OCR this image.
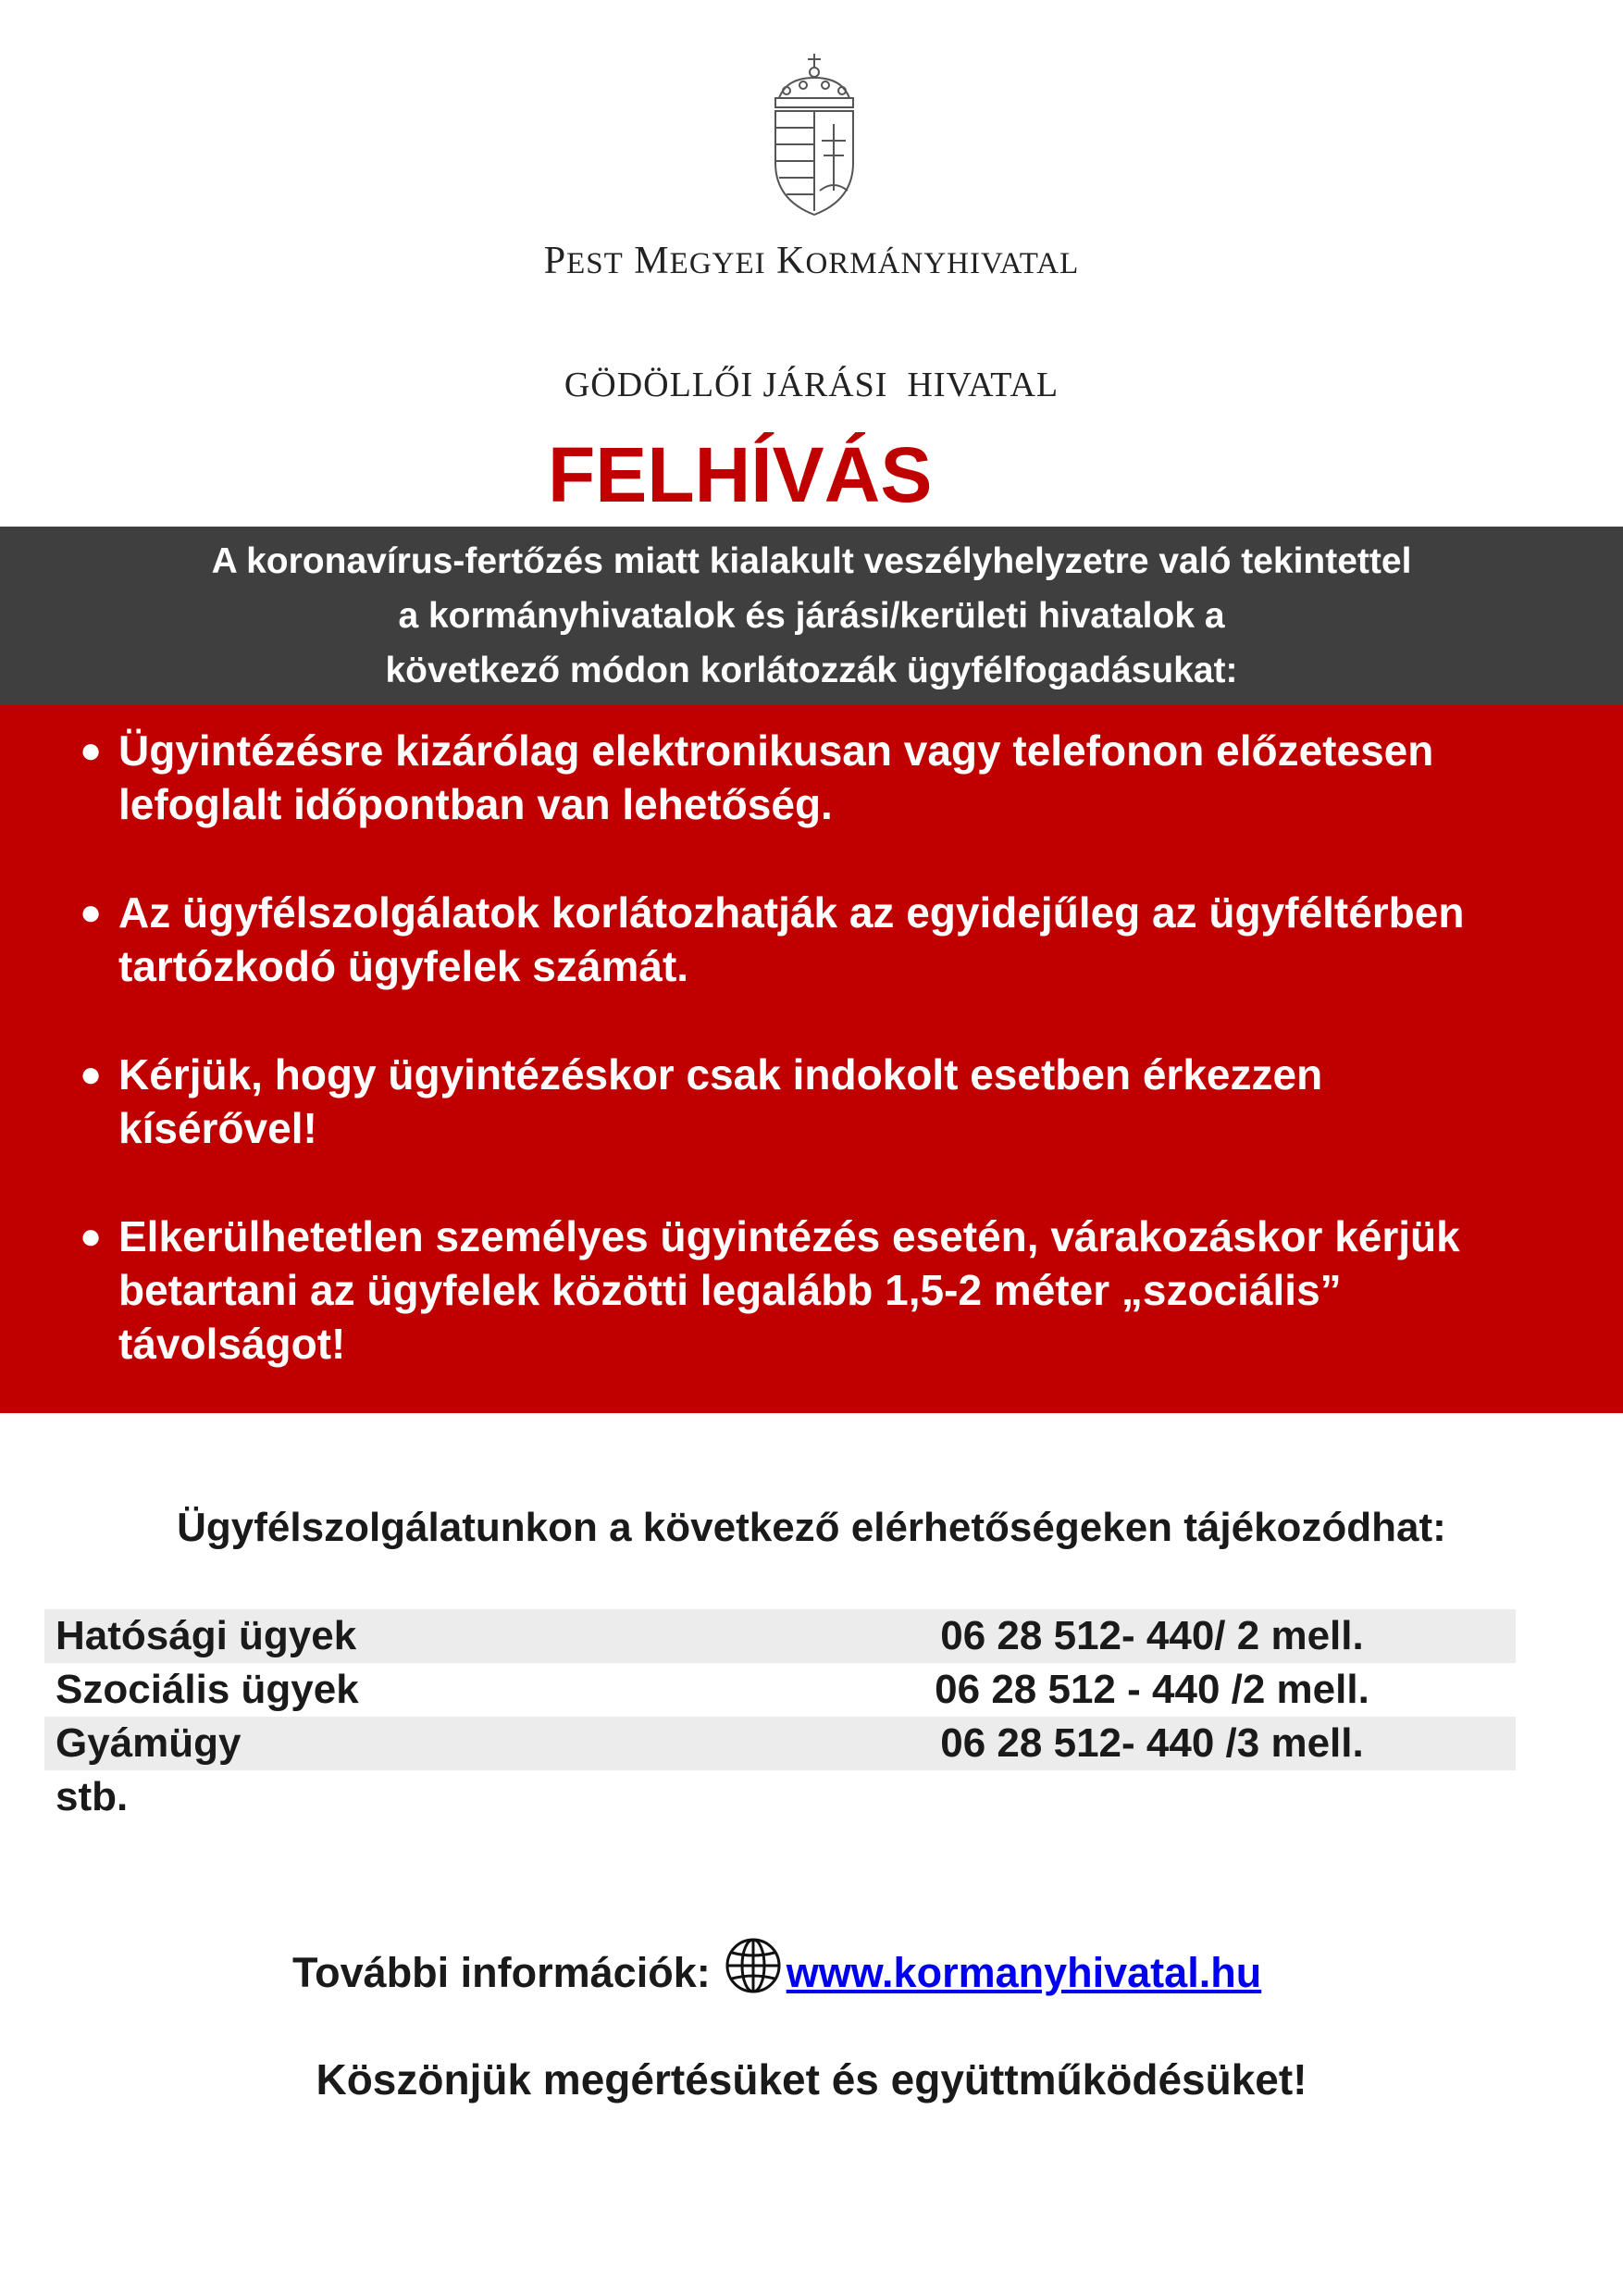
PEST MEGYEI KORMÁNYHIVATAL
GÖDÖLLŐI JÁRÁSI  HIVATAL
FELHÍVÁS
A koronavírus-fertőzés miatt kialakult veszélyhelyzetre való tekintettel
a kormányhivatalok és járási/kerületi hivatalok a
következő módon korlátozzák ügyfélfogadásukat:
● Ügyintézésre kizárólag elektronikusan vagy telefonon előzetesen
lefoglalt időpontban van lehetőség.
● Az ügyfélszolgálatok korlátozhatják az egyidejűleg az ügyféltérben
tartózkodó ügyfelek számát.
● Kérjük, hogy ügyintézéskor csak indokolt esetben érkezzen
kísérővel!
● Elkerülhetetlen személyes ügyintézés esetén, várakozáskor kérjük
betartani az ügyfelek közötti legalább 1,5-2 méter „szociális”
távolságot!
Ügyfélszolgálatunkon a következő elérhetőségeken tájékozódhat:
Hatósági ügyek	06 28 512- 440/ 2 mell.
Szociális ügyek	06 28 512 - 440 /2 mell.
Gyámügy	06 28 512- 440 /3 mell.
stb.
További információk: www.kormanyhivatal.hu
Köszönjük megértésüket és együttműködésüket!
